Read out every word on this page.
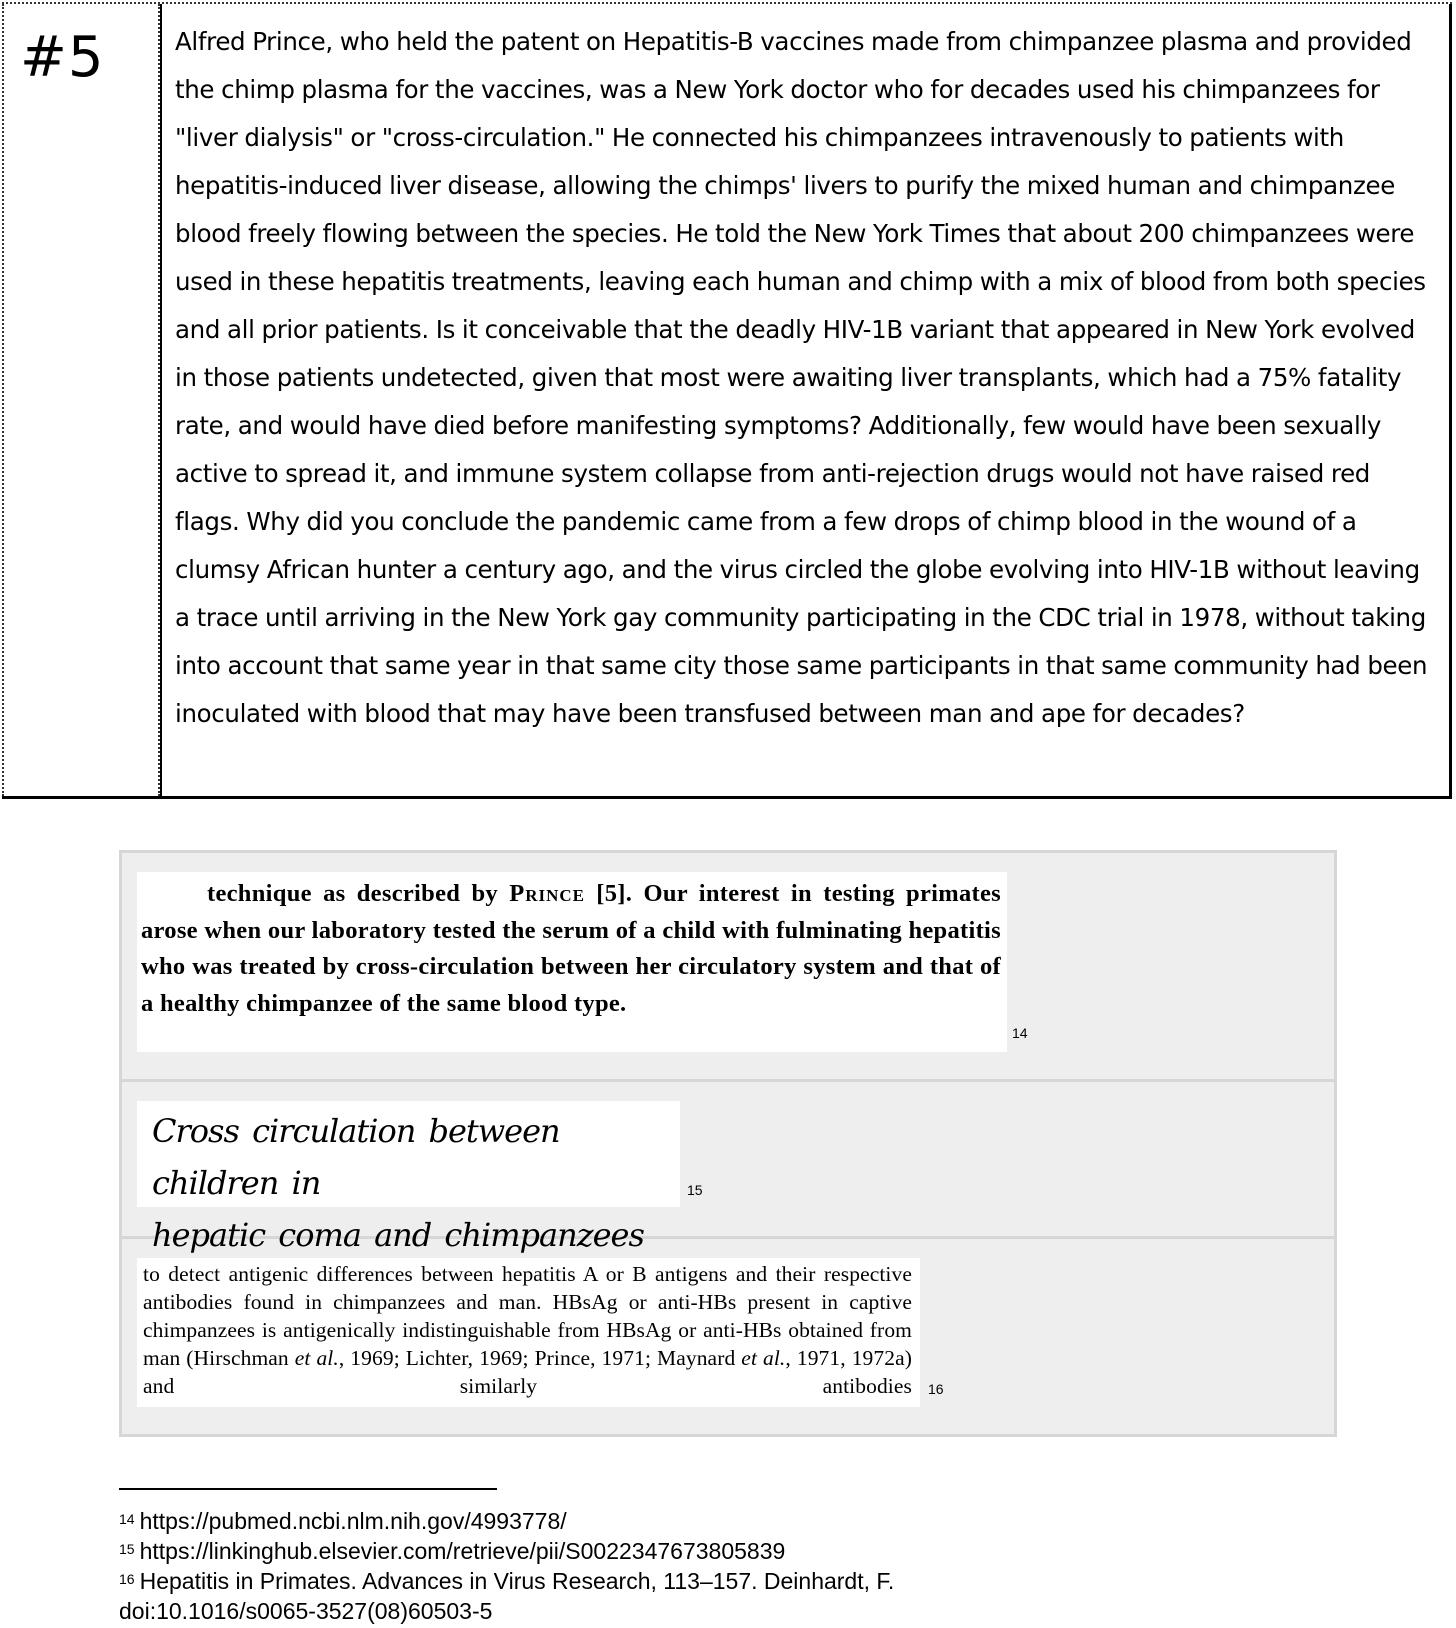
#5	Alfred Prince, who held the patent on Hepatitis-B vaccines made from chimpanzee plasma and provided the chimp plasma for the vaccines, was a New York doctor who for decades used his chimpanzees for "liver dialysis" or "cross-circulation." He connected his chimpanzees intravenously to patients with hepatitis-induced liver disease, allowing the chimps' livers to purify the mixed human and chimpanzee blood freely flowing between the species. He told the New York Times that about 200 chimpanzees were used in these hepatitis treatments, leaving each human and chimp with a mix of blood from both species and all prior patients. Is it conceivable that the deadly HIV-1B variant that appeared in New York evolved in those patients undetected, given that most were awaiting liver transplants, which had a 75% fatality rate, and would have died before manifesting symptoms? Additionally, few would have been sexually active to spread it, and immune system collapse from anti-rejection drugs would not have raised red flags. Why did you conclude the pandemic came from a few drops of chimp blood in the wound of a clumsy African hunter a century ago, and the virus circled the globe evolving into HIV-1B without leaving a trace until arriving in the New York gay community participating in the CDC trial in 1978, without taking into account that same year in that same city those same participants in that same community had been inoculated with blood that may have been transfused between man and ape for decades?

technique as described by Prince [5]. Our interest in testing primates arose when our laboratory tested the serum of a child with fulminating hepatitis who was treated by cross-circulation between her circulatory system and that of a healthy chimpanzee of the same blood type.
14
Cross circulation between children in
hepatic coma and chimpanzees
15
to detect antigenic differences between hepatitis A or B antigens and their respective antibodies found in chimpanzees and man. HBsAg or anti-HBs present in captive chimpanzees is antigenically indistinguishable from HBsAg or anti-HBs obtained from man (Hirschman et al., 1969; Lichter, 1969; Prince, 1971; Maynard et al., 1971, 1972a) and similarly antibodies	16

$^{14}$ https://pubmed.ncbi.nlm.nih.gov/4993778/

$^{15}$ https://linkinghub.elsevier.com/retrieve/pii/S0022347673805839

$^{16}$ Hepatitis in Primates. Advances in Virus Research, 113–157. Deinhardt, F.

doi:10.1016/s0065-3527(08)60503-5
